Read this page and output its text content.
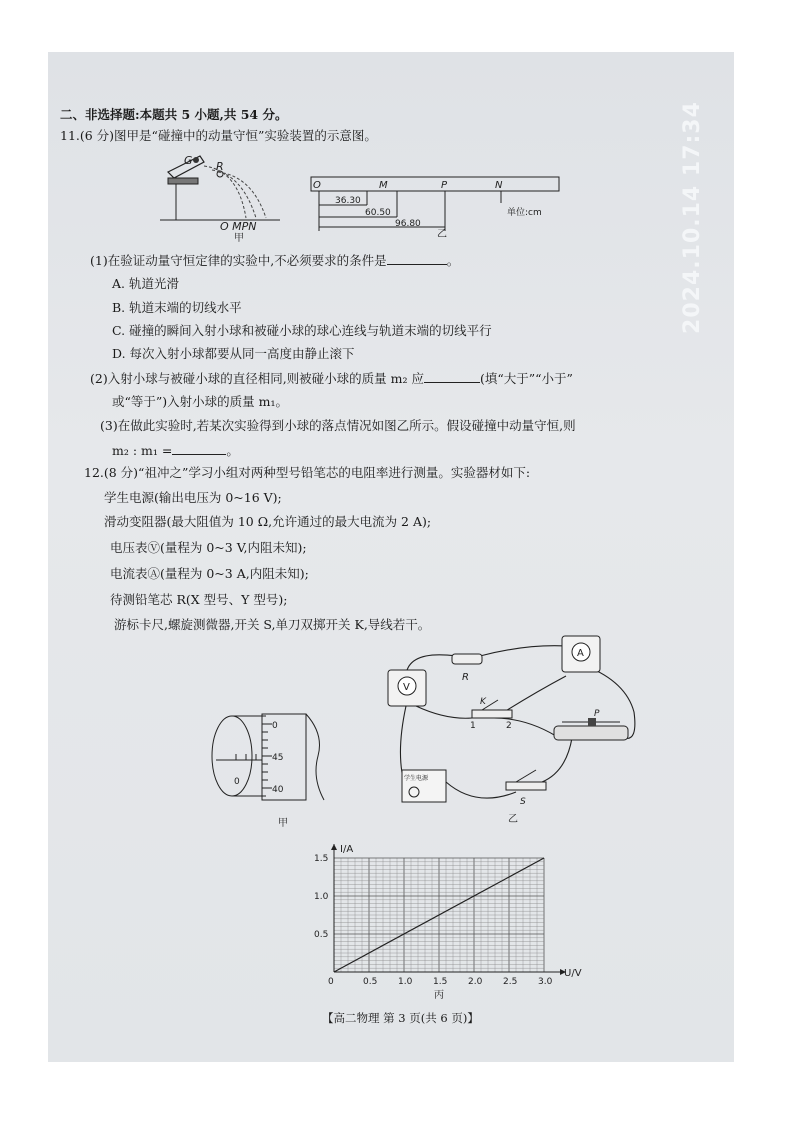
2024.10.14 17:34
二、非选择题:本题共 5 小题,共 54 分。
11.(6 分)图甲是“碰撞中的动量守恒”实验装置的示意图。
G R
O MPN
甲
O	M	P	N
36.30
60.50
96.80
单位:cm
乙
(1)在验证动量守恒定律的实验中,不必须要求的条件是	。
A. 轨道光滑
B. 轨道末端的切线水平
C. 碰撞的瞬间入射小球和被碰小球的球心连线与轨道末端的切线平行
D. 每次入射小球都要从同一高度由静止滚下
(2)入射小球与被碰小球的直径相同,则被碰小球的质量 m₂ 应	(填“大于”“小于”
或“等于”)入射小球的质量 m₁。
(3)在做此实验时,若某次实验得到小球的落点情况如图乙所示。假设碰撞中动量守恒,则
m₂ : m₁ =	。
12.(8 分)“祖冲之”学习小组对两种型号铅笔芯的电阻率进行测量。实验器材如下:
学生电源(输出电压为 0~16 V);
滑动变阻器(最大阻值为 10 Ω,允许通过的最大电流为 2 A);
电压表Ⓥ(量程为 0~3 V,内阻未知);
电流表Ⓐ(量程为 0~3 A,内阻未知);
待测铅笔芯 R(X 型号、Y 型号);
游标卡尺,螺旋测微器,开关 S,单刀双掷开关 K,导线若干。
0
45
40
0
甲
V
A
R
K
1	2
P
学生电源
S
乙
0	0.5 1.0 1.5 2.0 2.5 3.0
0.5
1.0
1.5
I/A
U/V
丙
【高二物理 第 3 页(共 6 页)】
